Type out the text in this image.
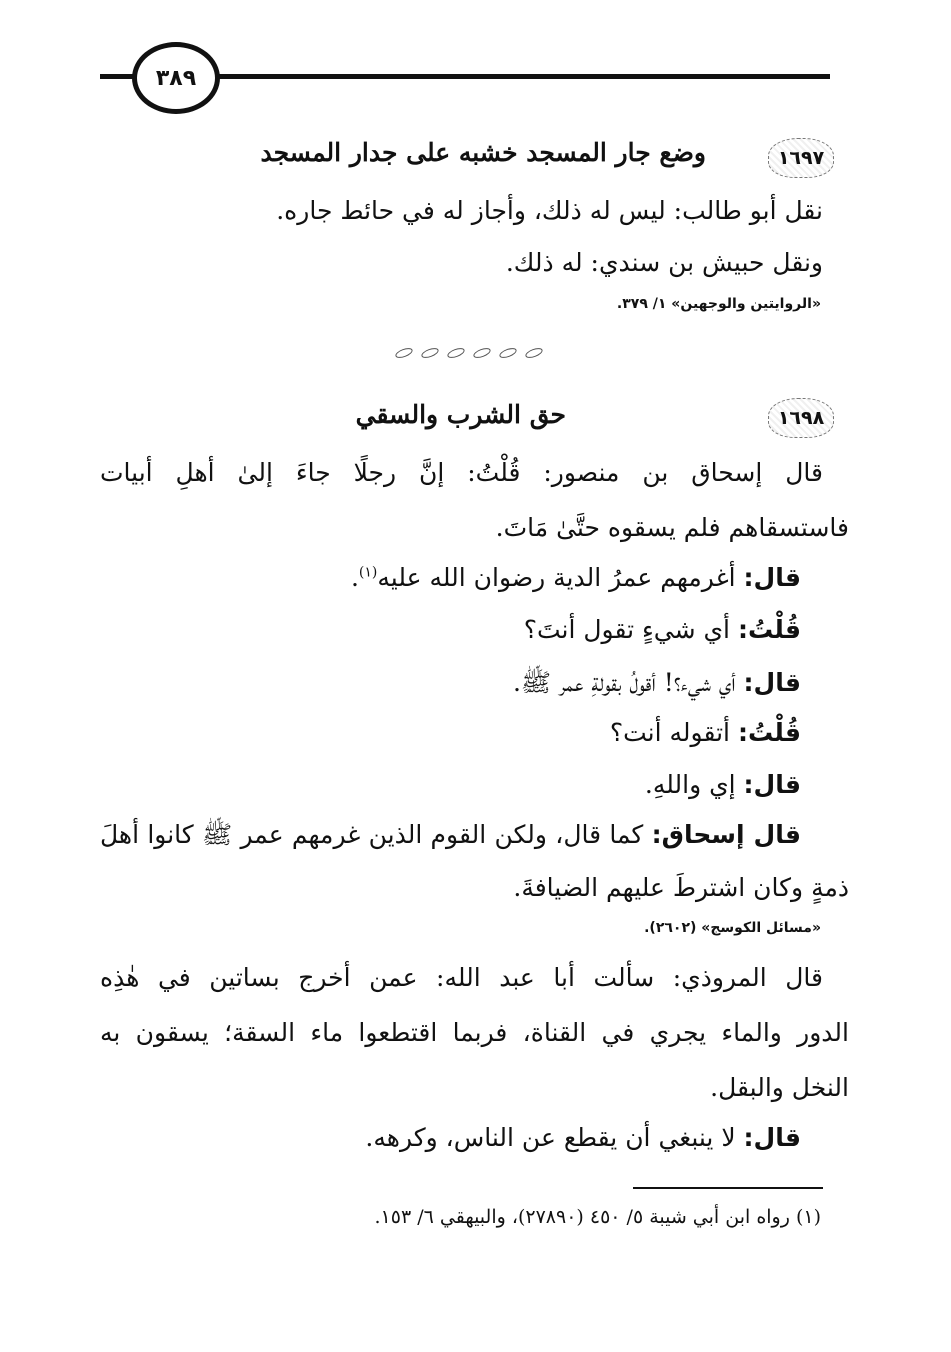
٣٨٩
١٦٩٧
وضع جار المسجد خشبه على جدار المسجد
نقل أبو طالب: ليس له ذلك، وأجاز له في حائط جاره.
ونقل حبيش بن سندي: له ذلك.
«الروايتين والوجهين» ١/ ٣٧٩.
١٦٩٨
حق الشرب والسقي
قال إسحاق بن منصور: قُلْتُ: إنَّ رجلًا جاءَ إلىٰ أهلِ أبيات
فاستسقاهم فلم يسقوه حتَّىٰ مَاتَ.
قال: أغرمهم عمرُ الدية رضوان الله عليه$^{(١)}$.
قُلْتُ: أي شيءٍ تقول أنتَ؟
قال: أي شيء؟! أقولُ بقولةِ عمر ﷺ.
قُلْتُ: أتقوله أنت؟
قال: إي واللهِ.
قال إسحاق: كما قال، ولكن القوم الذين غرمهم عمر ﷺ كانوا أهلَ
ذمةٍ وكان اشترطَ عليهم الضيافةَ.
«مسائل الكوسج» (٢٦٠٢).
قال المروذي: سألت أبا عبد الله: عمن أخرج بساتين في هٰذِه
الدور والماء يجري في القناة، فربما اقتطعوا ماء السقة؛ يسقون به
النخل والبقل.
قال: لا ينبغي أن يقطع عن الناس، وكرهه.
(١) رواه ابن أبي شيبة ٥/ ٤٥٠ (٢٧٨٩٠)، والبيهقي ٦/ ١٥٣.
